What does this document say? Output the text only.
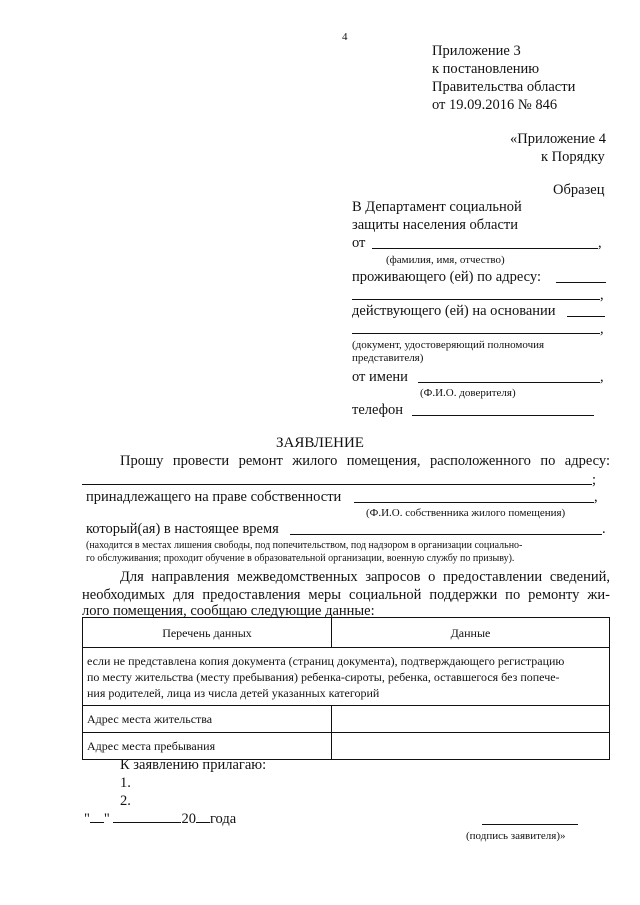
4
Приложение 3
к постановлению
Правительства области
от 19.09.2016 № 846
«Приложение 4
к Порядку
Образец
В Департамент социальной
защиты населения области
от	,
(фамилия, имя, отчество)
проживающего (ей) по адресу:
,
действующего (ей) на основании
,
(документ, удостоверяющий полномочия
представителя)
от имени	,
(Ф.И.О. доверителя)
телефон
ЗАЯВЛЕНИЕ
Прошу провести ремонт жилого помещения, расположенного по адресу:
;
принадлежащего на праве собственности	,
(Ф.И.О. собственника жилого помещения)
который(ая) в настоящее время	.
(находится в местах лишения свободы, под попечительством, под надзором в организации социально-
го обслуживания; проходит обучение в образовательной организации, военную службу по призыву).
Для направления межведомственных запросов о предоставлении сведений,
необходимых для предоставления меры социальной поддержки по ремонту жи-
лого помещения, сообщаю следующие данные:
Перечень данных	Данные

если не представлена копия документа (страниц документа), подтверждающего регистрацию
по месту жительства (месту пребывания) ребенка-сироты, ребенка, оставшегося без попече-
ния родителей, лица из числа детей указанных категорий	

Адрес места жительства	
Адрес места пребывания	
К заявлению прилагаю:
1.
2.
" "	20 года
(подпись заявителя)»
